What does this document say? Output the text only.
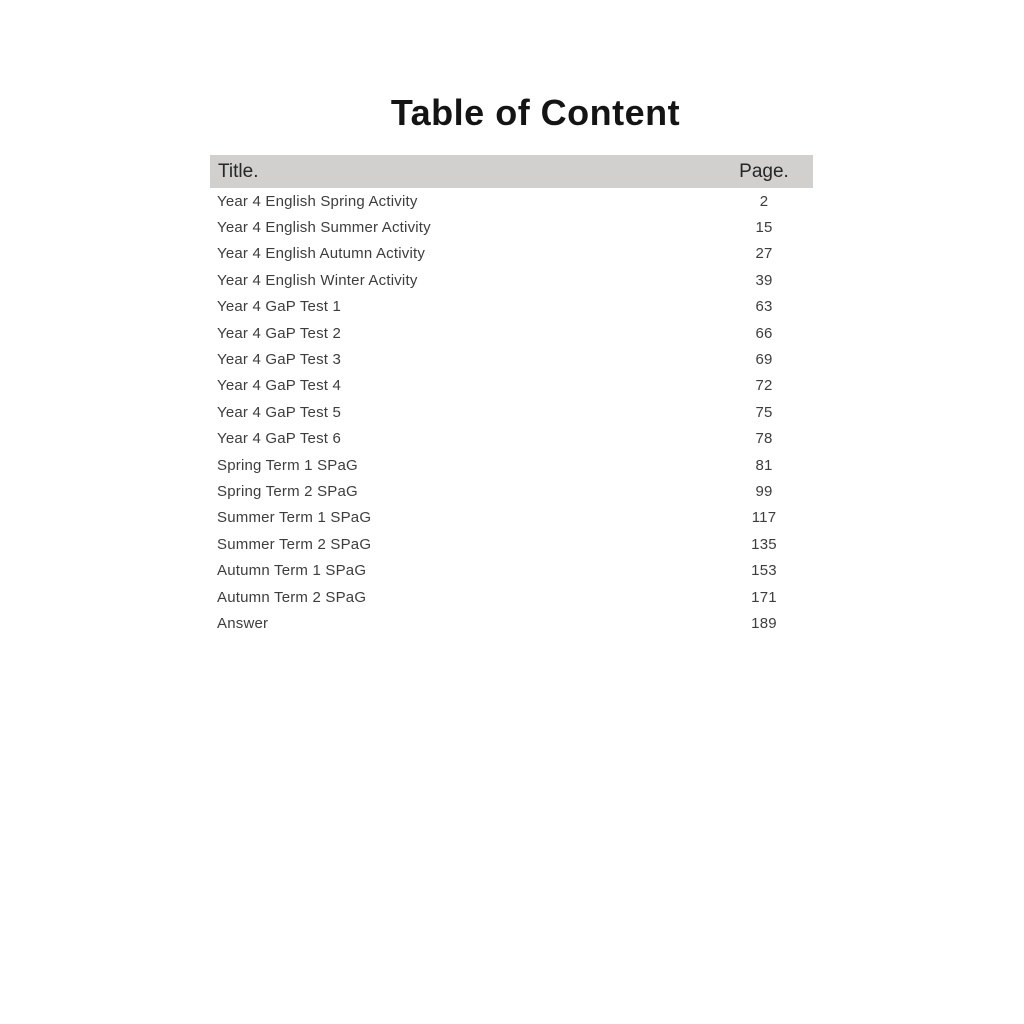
Table of Content
Title.	Page.
Year 4 English Spring Activity	2
Year 4 English Summer Activity	15
Year 4 English Autumn Activity	27
Year 4 English Winter Activity	39
Year 4 GaP Test 1	63
Year 4 GaP Test 2	66
Year 4 GaP Test 3	69
Year 4 GaP Test 4	72
Year 4 GaP Test 5	75
Year 4 GaP Test 6	78
Spring Term 1 SPaG	81
Spring Term 2 SPaG	99
Summer Term 1 SPaG	117
Summer Term 2 SPaG	135
Autumn Term 1 SPaG	153
Autumn Term 2 SPaG	171
Answer	189
